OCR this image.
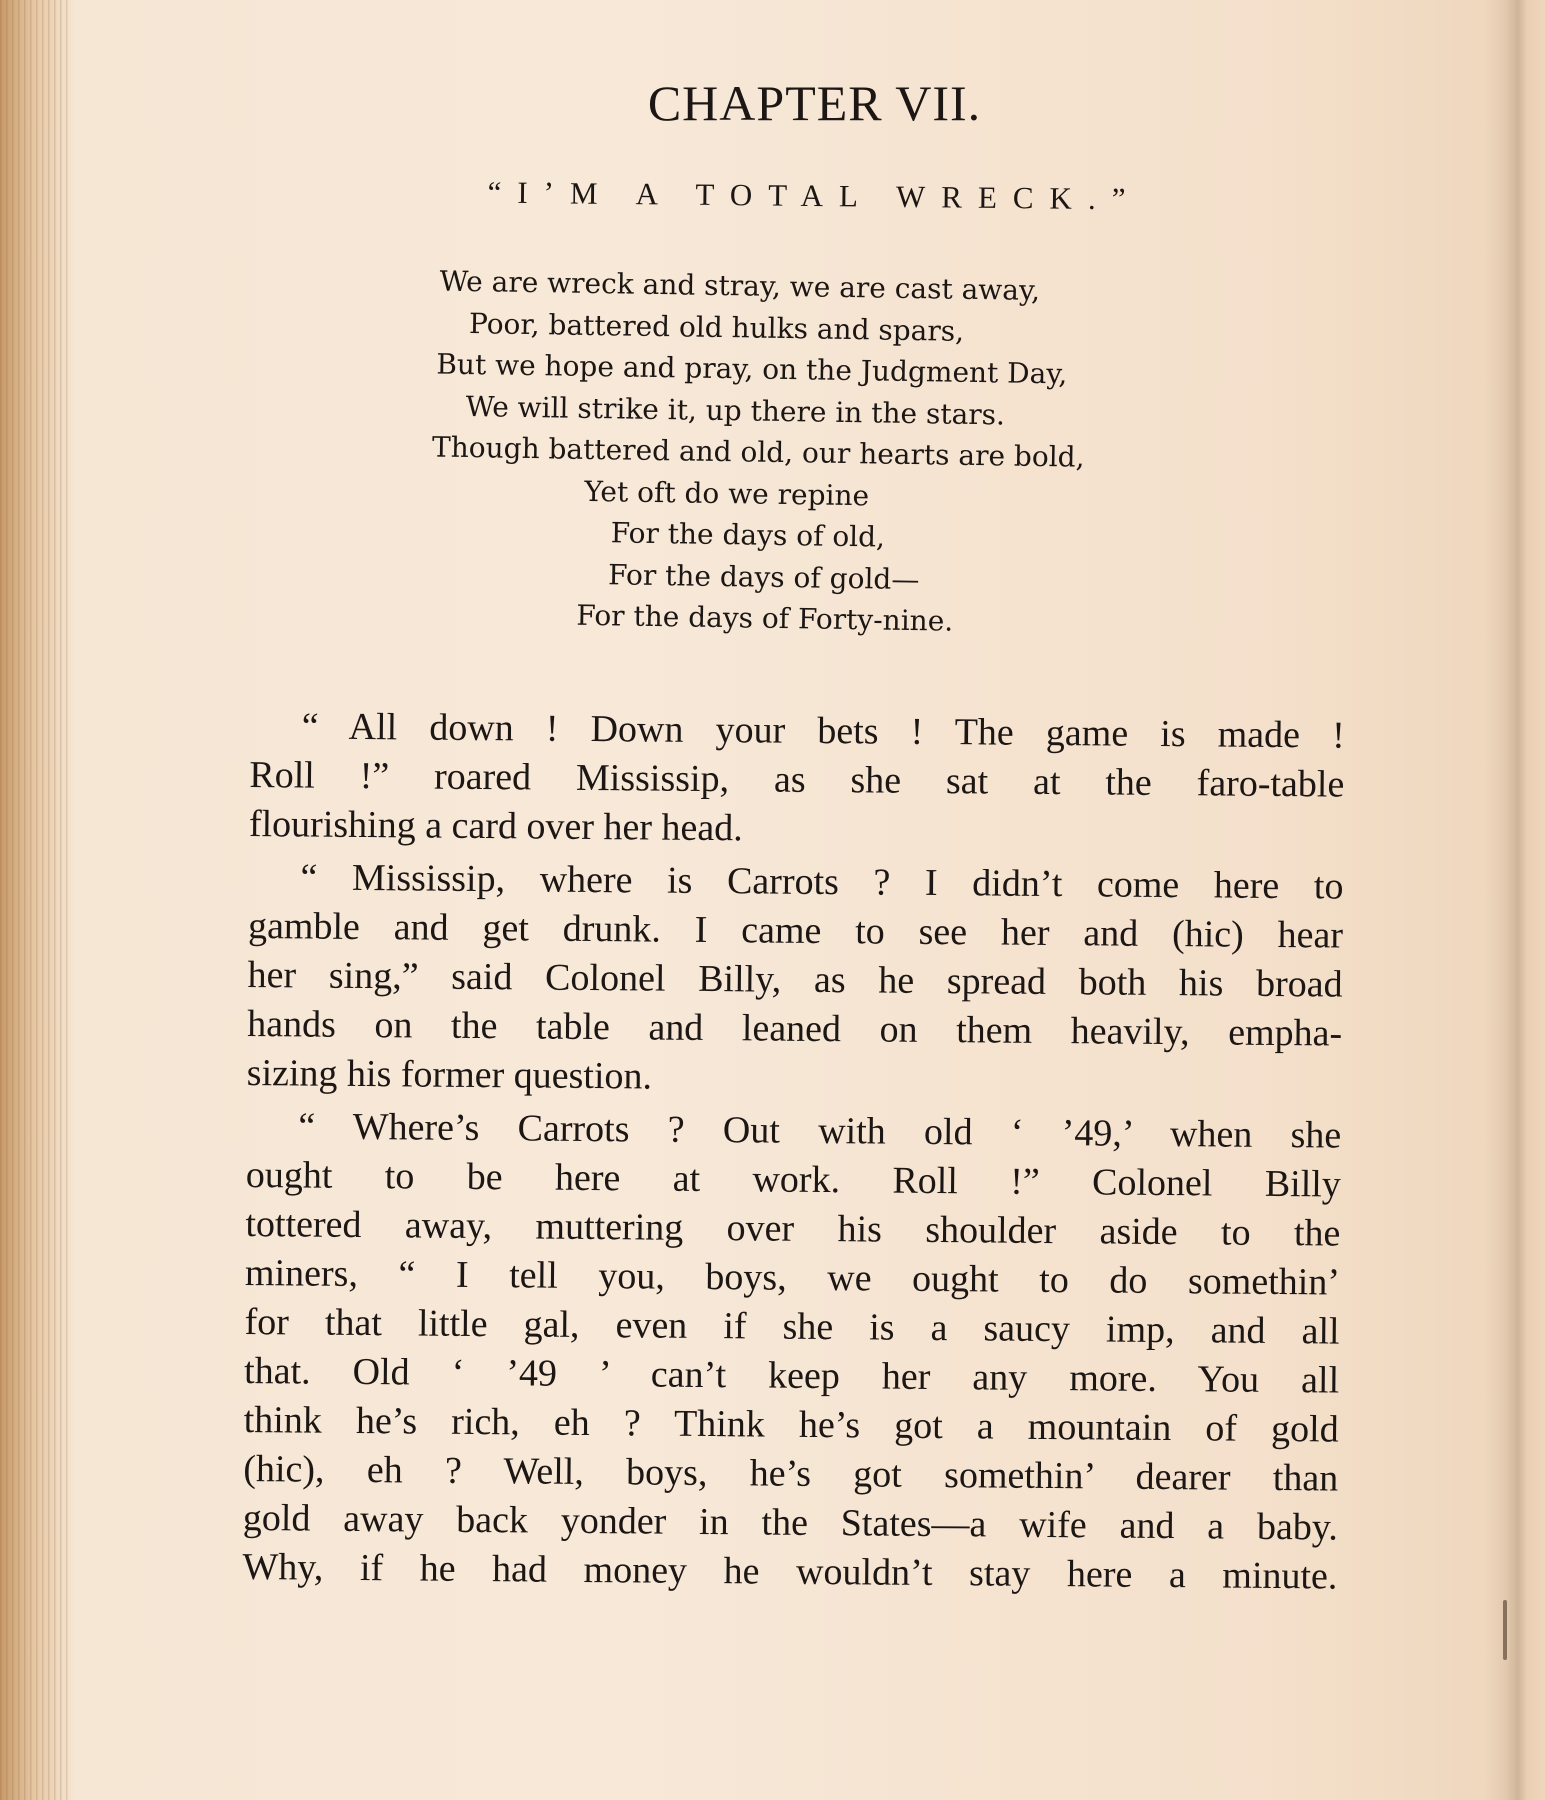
CHAPTER VII.
“I’M A TOTAL WRECK.”
We are wreck and stray, we are cast away,
Poor, battered old hulks and spars,
But we hope and pray, on the Judgment Day,
We will strike it, up there in the stars.
Though battered and old, our hearts are bold,
Yet oft do we repine
For the days of old,
For the days of gold—
For the days of Forty-nine.
“ All down ! Down your bets ! The game is made !
Roll !” roared Mississip, as she sat at the faro-table
flourishing a card over her head.
“ Mississip, where is Carrots ? I didn’t come here to
gamble and get drunk. I came to see her and (hic) hear
her sing,” said Colonel Billy, as he spread both his broad
hands on the table and leaned on them heavily, empha-
sizing his former question.
“ Where’s Carrots ? Out with old ‘ ’49,’ when she
ought to be here at work. Roll !” Colonel Billy
tottered away, muttering over his shoulder aside to the
miners, “ I tell you, boys, we ought to do somethin’
for that little gal, even if she is a saucy imp, and all
that. Old ‘ ’49 ’ can’t keep her any more. You all
think he’s rich, eh ? Think he’s got a mountain of gold
(hic), eh ? Well, boys, he’s got somethin’ dearer than
gold away back yonder in the States—a wife and a baby.
Why, if he had money he wouldn’t stay here a minute.
